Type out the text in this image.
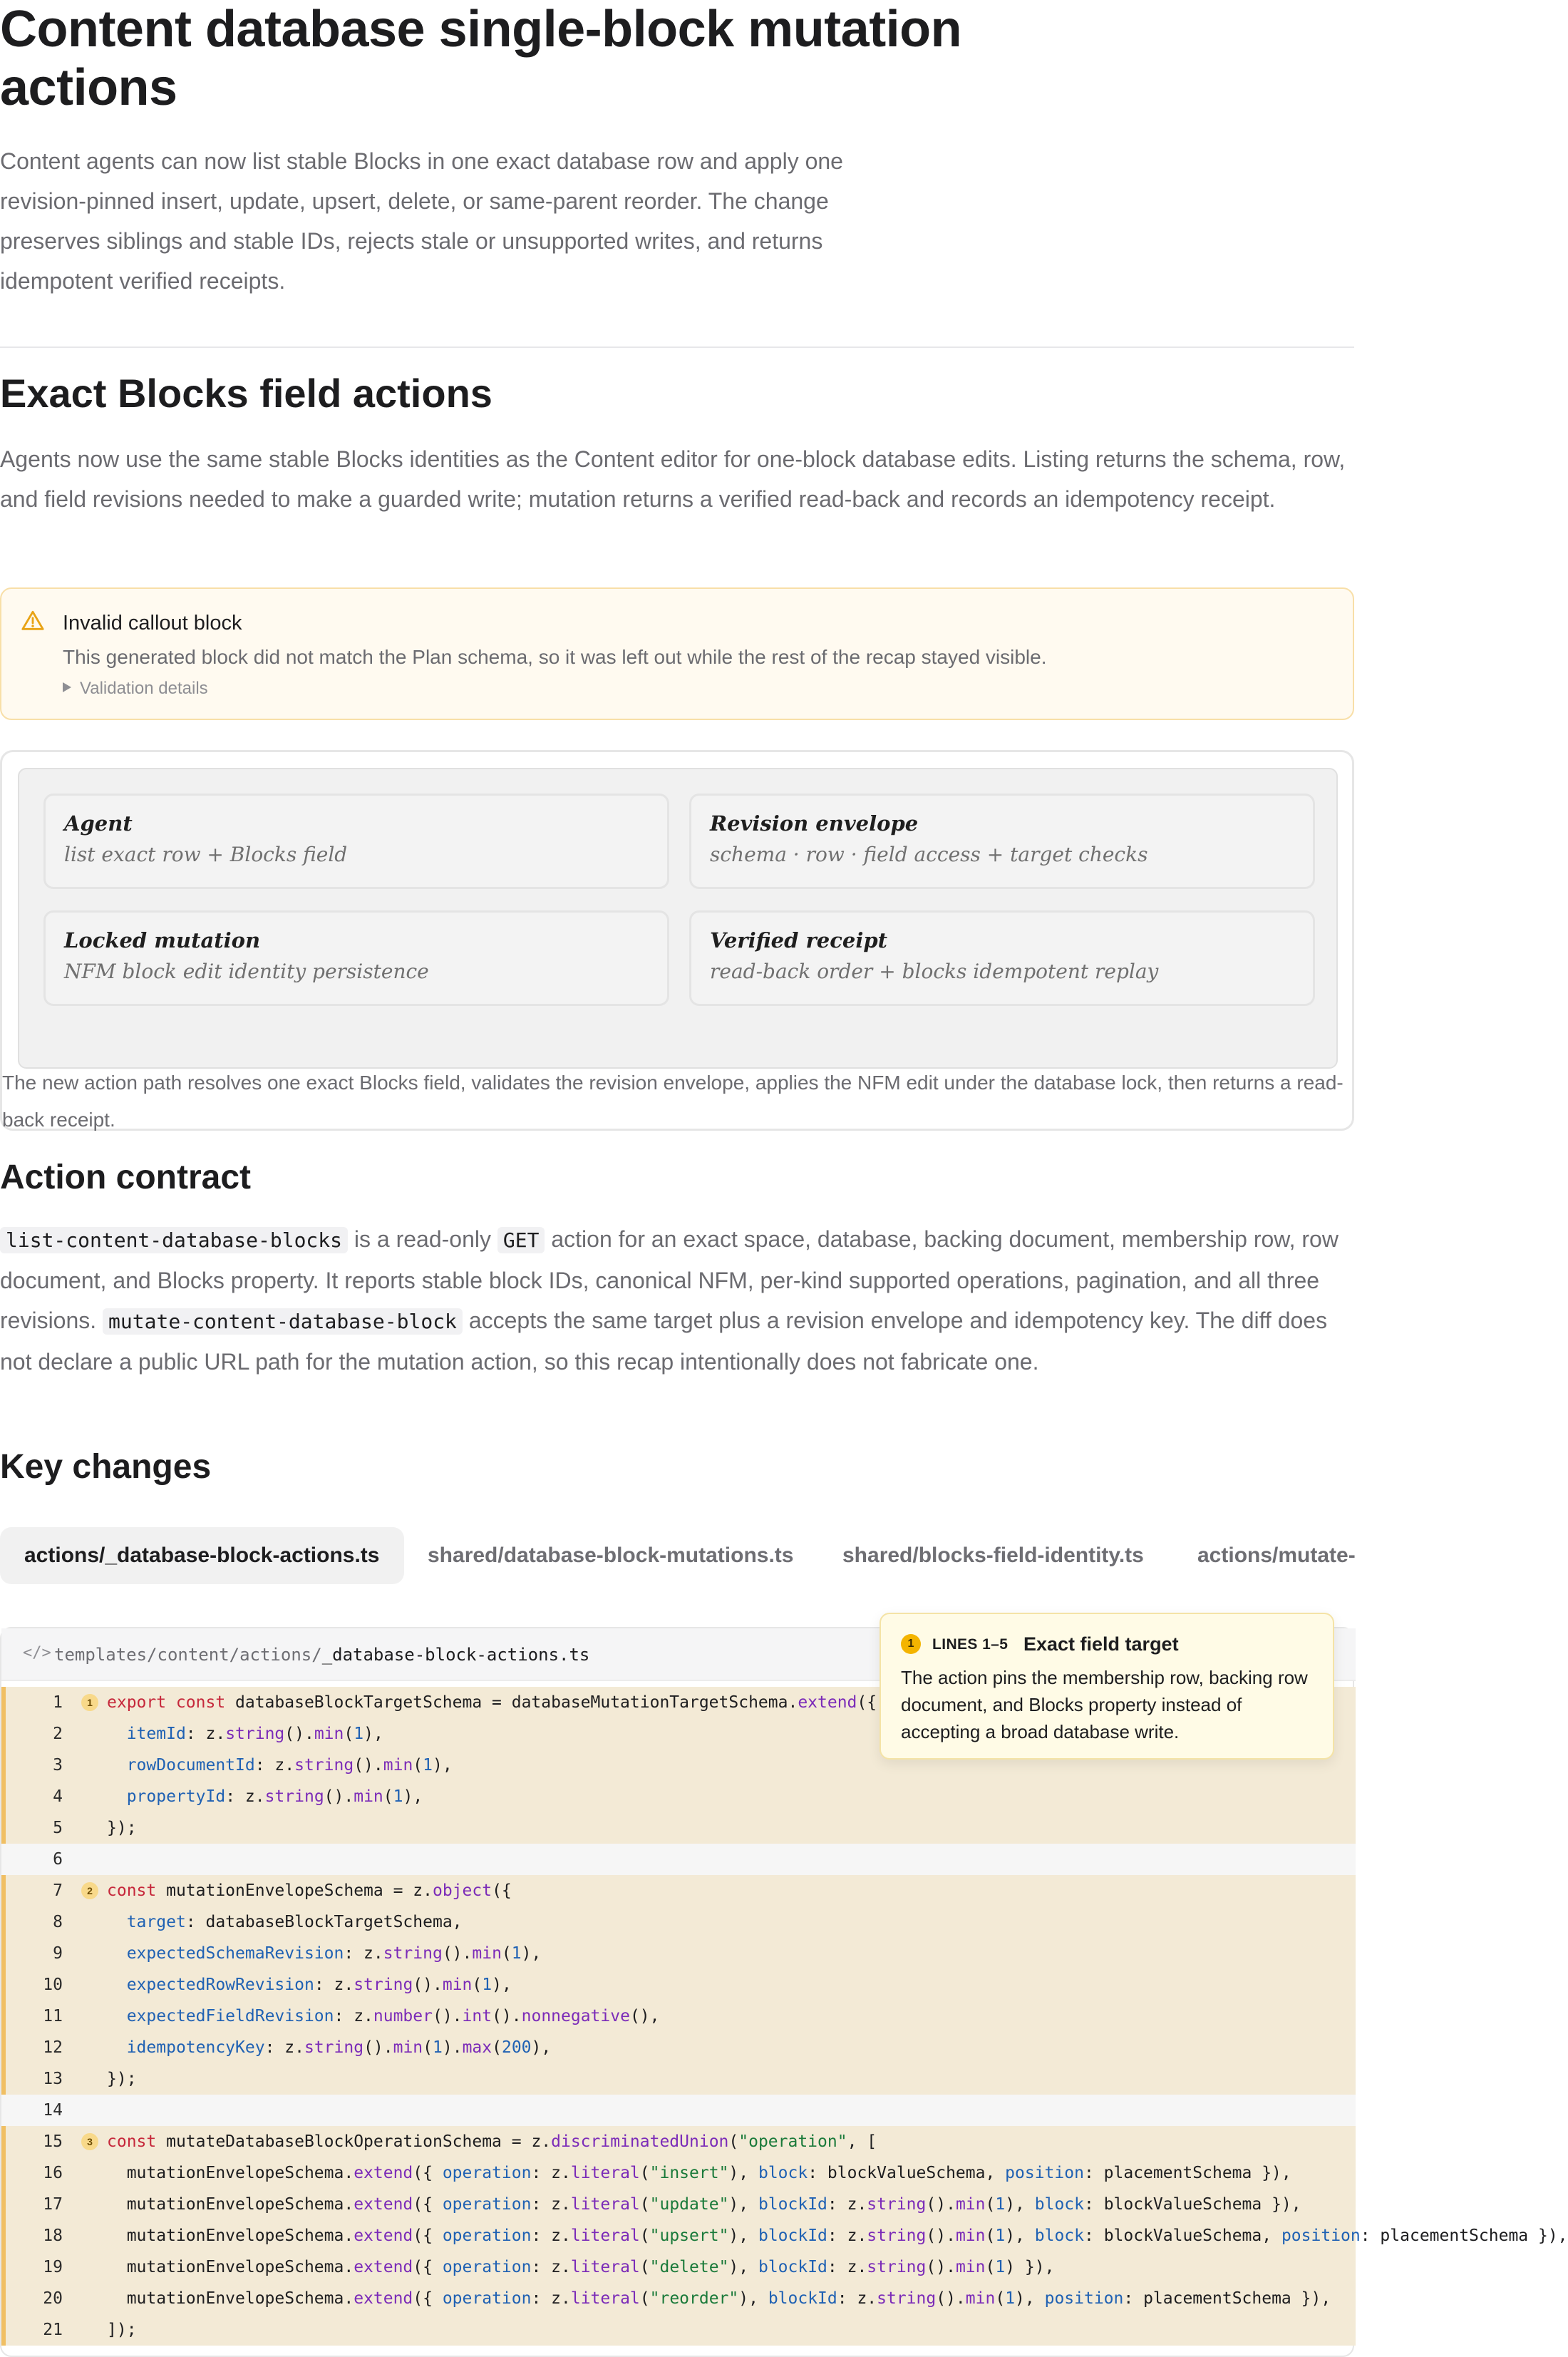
Content database single-block mutation actions

Content agents can now list stable Blocks in one exact database row and apply one revision-pinned insert, update, upsert, delete, or same-parent reorder. The change preserves siblings and stable IDs, rejects stale or unsupported writes, and returns idempotent verified receipts.

Exact Blocks field actions

Agents now use the same stable Blocks identities as the Content editor for one-block database edits. Listing returns the schema, row, and field revisions needed to make a guarded write; mutation returns a verified read-back and records an idempotency receipt.

Invalid callout block
This generated block did not match the Plan schema, so it was left out while the rest of the recap stayed visible.
Validation details
Agent
list exact row + Blocks field
Revision envelope
schema · row · field access + target checks
Locked mutation
NFM block edit identity persistence
Verified receipt
read-back order + blocks idempotent replay

The new action path resolves one exact Blocks field, validates the revision envelope, applies the NFM edit under the database lock, then returns a read-back receipt.

Action contract

list-content-database-blocks is a read-only GET action for an exact space, database, backing document, membership row, row document, and Blocks property. It reports stable block IDs, canonical NFM, per-kind supported operations, pagination, and all three revisions. mutate-content-database-block accepts the same target plus a revision envelope and idempotency key. The diff does not declare a public URL path for the mutation action, so this recap intentionally does not fabricate one.

Key changes
actions/_database-block-actions.ts	shared/database-block-mutations.ts	shared/blocks-field-identity.ts	actions/mutate-
</> templates/content/actions/_database-block-actions.ts
1	1 export const databaseBlockTargetSchema = databaseMutationTargetSchema.extend({
2	itemId: z.string().min(1),
3	rowDocumentId: z.string().min(1),
4	propertyId: z.string().min(1),
5	});
6
7	2 const mutationEnvelopeSchema = z.object({
8	target: databaseBlockTargetSchema,
9	expectedSchemaRevision: z.string().min(1),
10	expectedRowRevision: z.string().min(1),
11	expectedFieldRevision: z.number().int().nonnegative(),
12	idempotencyKey: z.string().min(1).max(200),
13	});
14
15	3 const mutateDatabaseBlockOperationSchema = z.discriminatedUnion("operation", [
16	mutationEnvelopeSchema.extend({ operation: z.literal("insert"), block: blockValueSchema, position: placementSchema }),
17	mutationEnvelopeSchema.extend({ operation: z.literal("update"), blockId: z.string().min(1), block: blockValueSchema }),
18	mutationEnvelopeSchema.extend({ operation: z.literal("upsert"), blockId: z.string().min(1), block: blockValueSchema, position: placementSchema }),
19	mutationEnvelopeSchema.extend({ operation: z.literal("delete"), blockId: z.string().min(1) }),
20	mutationEnvelopeSchema.extend({ operation: z.literal("reorder"), blockId: z.string().min(1), position: placementSchema }),
21	]);
1	LINES 1–5 Exact field target
The action pins the membership row, backing row document, and Blocks property instead of accepting a broad database write.
